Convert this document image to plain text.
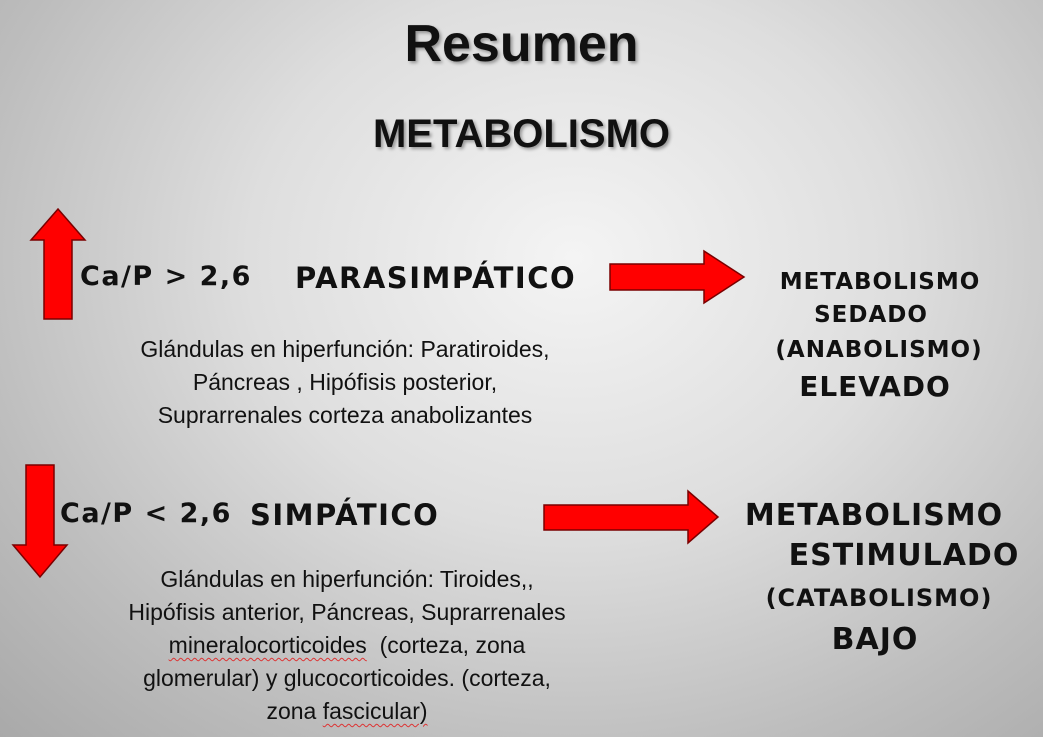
Resumen
METABOLISMO
Ca/P > 2,6 PARASIMPÁTICO
Glándulas en hiperfunción: Paratiroides,
Páncreas , Hipófisis posterior,
Suprarrenales corteza anabolizantes
METABOLISMO
SEDADO
(ANABOLISMO)
ELEVADO
Ca/P < 2,6 SIMPÁTICO
Glándulas en hiperfunción: Tiroides,,
Hipófisis anterior, Páncreas, Suprarrenales
mineralocorticoides (corteza, zona
glomerular) y glucocorticoides. (corteza,
zona fascicular)
METABOLISMO
ESTIMULADO
(CATABOLISMO)
BAJO
